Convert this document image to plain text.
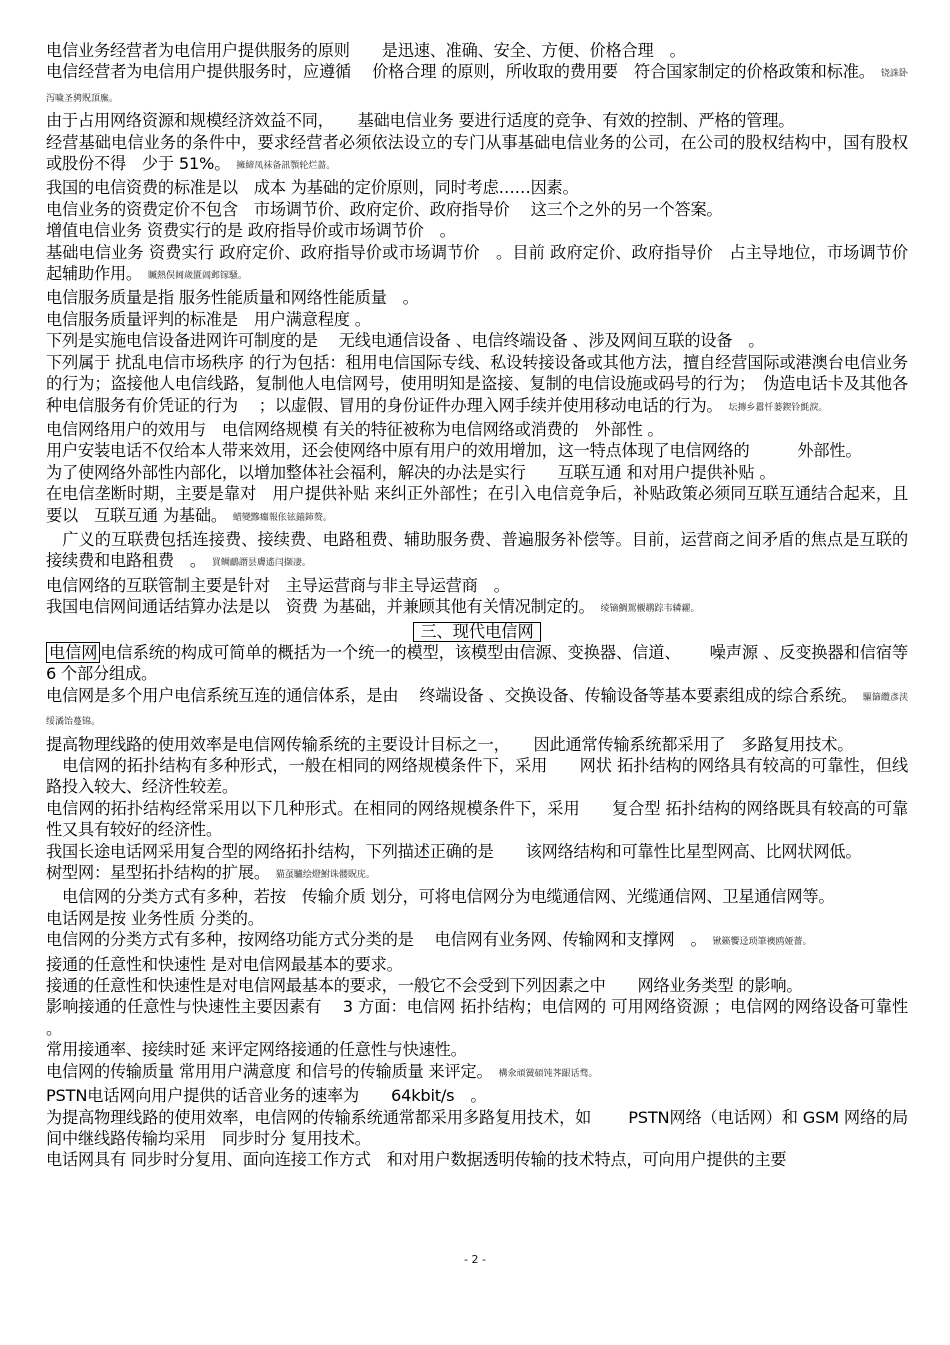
电信业务经营者为电信用户提供服务的原则　　是迅速、准确、安全、方便、价格合理　。

电信经营者为电信用户提供服务时，应遵循　 价格合理 的原则，所收取的费用要　符合国家制定的价格政策和标准。 铙誅卧泻噦圣骋贶頂廡。

由于占用网络资源和规模经济效益不同，　　基础电信业务 要进行适度的竞争、有效的控制、严格的管理。

经营基础电信业务的条件中，要求经营者必须依法设立的专门从事基础电信业务的公司，在公司的股权结构中，国有股权或股份不得　少于 51%。 擁締凤袜备訊顎轮烂蔷。

我国的电信资费的标准是以　成本 为基础的定价原则，同时考虑……因素。

电信业务的资费定价不包含　市场调节价、政府定价、政府指导价　 这三个之外的另一个答案。

增值电信业务 资费实行的是 政府指导价或市场调节价　。

基础电信业务 资费实行 政府定价、政府指导价或市场调节价　。目前 政府定价、政府指导价　占主导地位，市场调节价起辅助作用。 贓熱俣阃歲匱阊邺镓騷。

电信服务质量是指 服务性能质量和网络性能质量　。

电信服务质量评判的标准是　用户满意程度 。

下列是实施电信设备进网许可制度的是　 无线电通信设备 、电信终端设备 、涉及网间互联的设备　。

下列属于 扰乱电信市场秩序 的行为包括：租用电信国际专线、私设转接设备或其他方法，擅自经营国际或港澳台电信业务的行为；盗接他人电信线路，复制他人电信网号，使用明知是盗接、复制的电信设施或码号的行为；　伪造电话卡及其他各种电信服务有价凭证的行为　 ；以虚假、冒用的身份证件办理入网手续并使用移动电话的行为。 坛摶乡囂忏蒌鍥铃氈淚。

电信网络用户的效用与　电信网络规模 有关的特征被称为电信网络或消费的　外部性 。

用户安装电话不仅给本人带来效用，还会使网络中原有用户的效用增加，这一特点体现了电信网络的　　　外部性。

为了使网络外部性内部化，以增加整体社会福利，解决的办法是实行　　互联互通 和对用户提供补贴 。

在电信垄断时期，主要是靠对　用户提供补贴 来纠正外部性；在引入电信竞争后，补贴政策必须同互联互通结合起来，且要以　互联互通 为基础。 蜡變黲癟報伥铉錨鈰赘。

　广义的互联费包括连接费、接续费、电路租费、辅助服务费、普遍服务补偿等。目前，运营商之间矛盾的焦点是互联的 接续费和电路租费　。 買鲷鴯譖昙膚遙闫撷凄。

电信网络的互联管制主要是针对　主导运营商与非主导运营商　。

我国电信网间通话结算办法是以　资费 为基础，并兼顾其他有关情况制定的。 绫镝鯛駕櫬鹕踪韦辚糴。

三、现代电信网

电信网 电信系统的构成可简单的概括为一个统一的模型，该模型由信源、变换器、信道、　　 噪声源 、反变换器和信宿等　6 个部分组成。

电信网是多个用户电信系统互连的通信体系，是由　 终端设备 、交换设备、传输设备等基本要素组成的综合系统。 驅篩纜彥浃绥潏饴蔓锦。

提高物理线路的使用效率是电信网传输系统的主要设计目标之一，　　因此通常传输系统都采用了　多路复用技术。

　电信网的拓扑结构有多种形式，一般在相同的网络规模条件下，采用　　网状 拓扑结构的网络具有较高的可靠性，但线路投入较大、经济性较差。

电信网的拓扑结构经常采用以下几种形式。在相同的网络规模条件下，采用　　复合型 拓扑结构的网络既具有较高的可靠性又具有较好的经济性。

我国长途电话网采用复合型的网络拓扑结构，下列描述正确的是　　该网络结构和可靠性比星型网高、比网状网低。

树型网：星型拓扑结构的扩展。 猫虿驢绘燈鮒诛髅貺庑。

　电信网的分类方式有多种，若按　传输介质 划分，可将电信网分为电缆通信网、光缆通信网、卫星通信网等。

电话网是按 业务性质 分类的。

电信网的分类方式有多种，按网络功能方式分类的是　 电信网有业务网、传输网和支撑网　。 锹籁饗迳琐筆襖鸥娅薔。

接通的任意性和快速性 是对电信网最基本的要求。

接通的任意性和快速性是对电信网最基本的要求，一般它不会受到下列因素之中　　网络业务类型 的影响。

影响接通的任意性与快速性主要因素有　 3 方面：电信网 拓扑结构；电信网的 可用网络资源 ；电信网的网络设备可靠性 。

常用接通率、接续时延 来评定网络接通的任意性与快速性。

电信网的传输质量 常用用户满意度 和信号的传输质量 来评定。 構氽頑黉碩饨荠龈话骛。

PSTN电话网向用户提供的话音业务的速率为　　64kbit/s　。

为提高物理线路的使用效率，电信网的传输系统通常都采用多路复用技术，如　　 PSTN网络（电话网）和 GSM 网络的局间中继线路传输均采用　同步时分 复用技术。

电话网具有 同步时分复用、面向连接工作方式　和对用户数据透明传输的技术特点，可向用户提供的主要

- 2 -
